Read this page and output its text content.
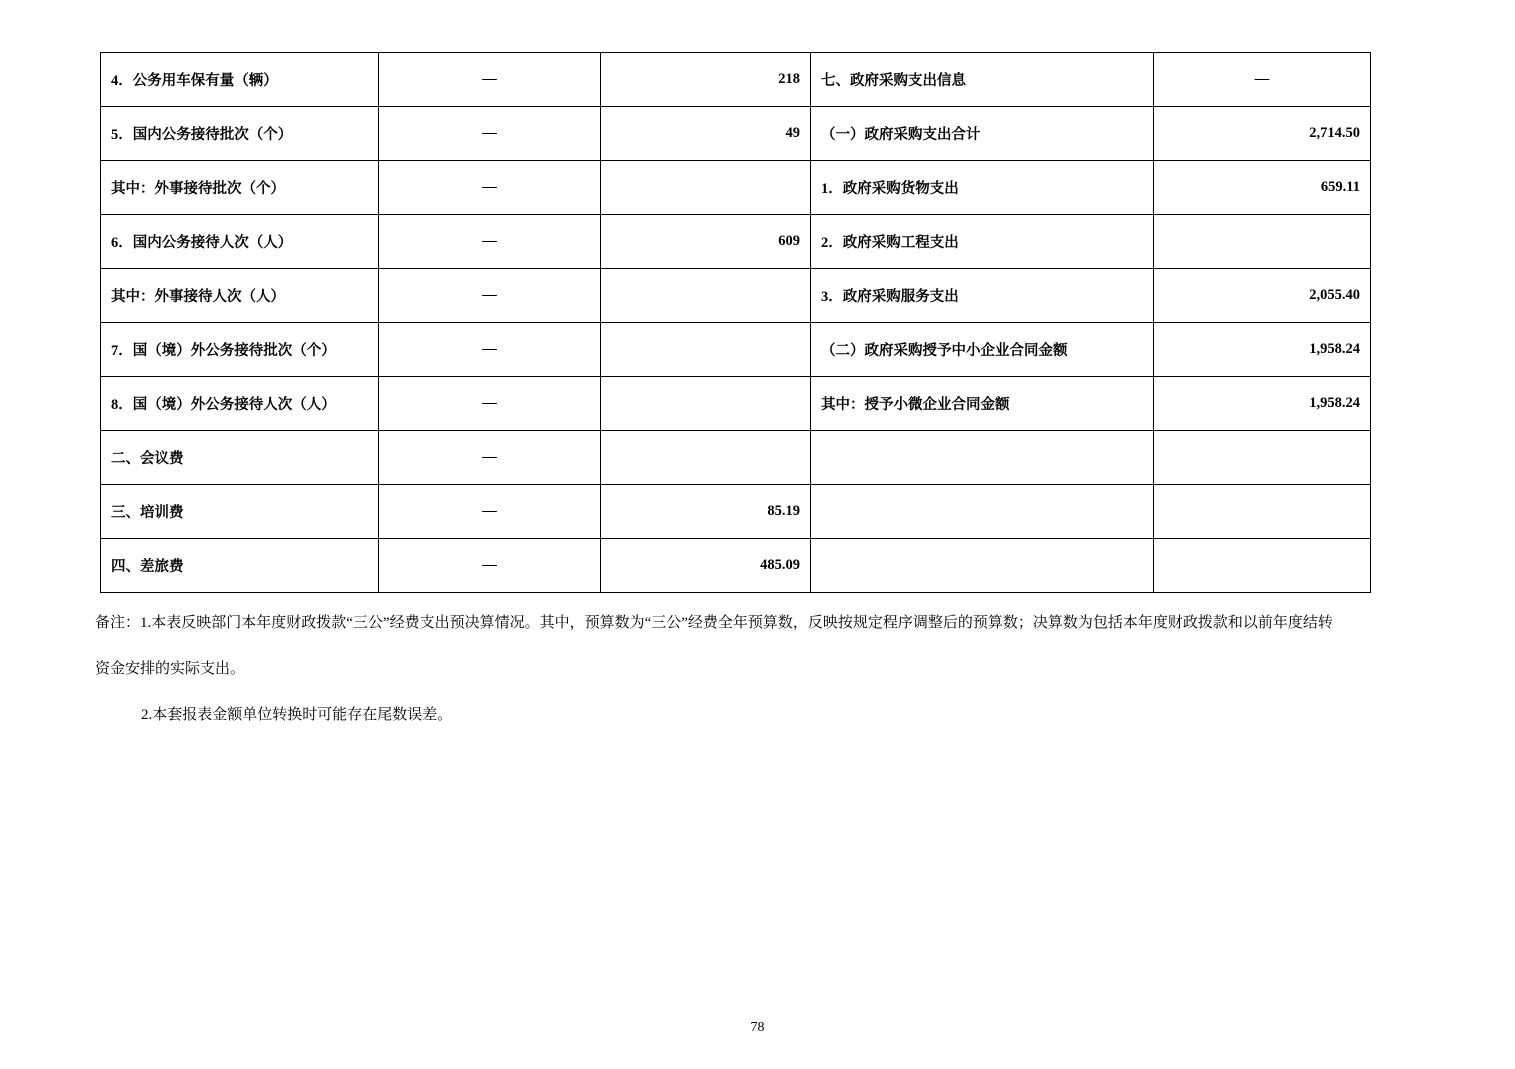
4．公务用车保有量（辆）	—	218	七、政府采购支出信息	—
5．国内公务接待批次（个）	—	49	（一）政府采购支出合计	2,714.50
其中：外事接待批次（个）	—		1．政府采购货物支出	659.11
6．国内公务接待人次（人）	—	609	2．政府采购工程支出	
其中：外事接待人次（人）	—		3．政府采购服务支出	2,055.40
7．国（境）外公务接待批次（个）	—		（二）政府采购授予中小企业合同金额	1,958.24
8．国（境）外公务接待人次（人）	—		其中：授予小微企业合同金额	1,958.24
二、会议费	—			
三、培训费	—	85.19		
四、差旅费	—	485.09		

备注：1.本表反映部门本年度财政拨款“三公”经费支出预决算情况。其中，预算数为“三公”经费全年预算数，反映按规定程序调整后的预算数；决算数为包括本年度财政拨款和以前年度结转

资金安排的实际支出。

2.本套报表金额单位转换时可能存在尾数误差。

78
